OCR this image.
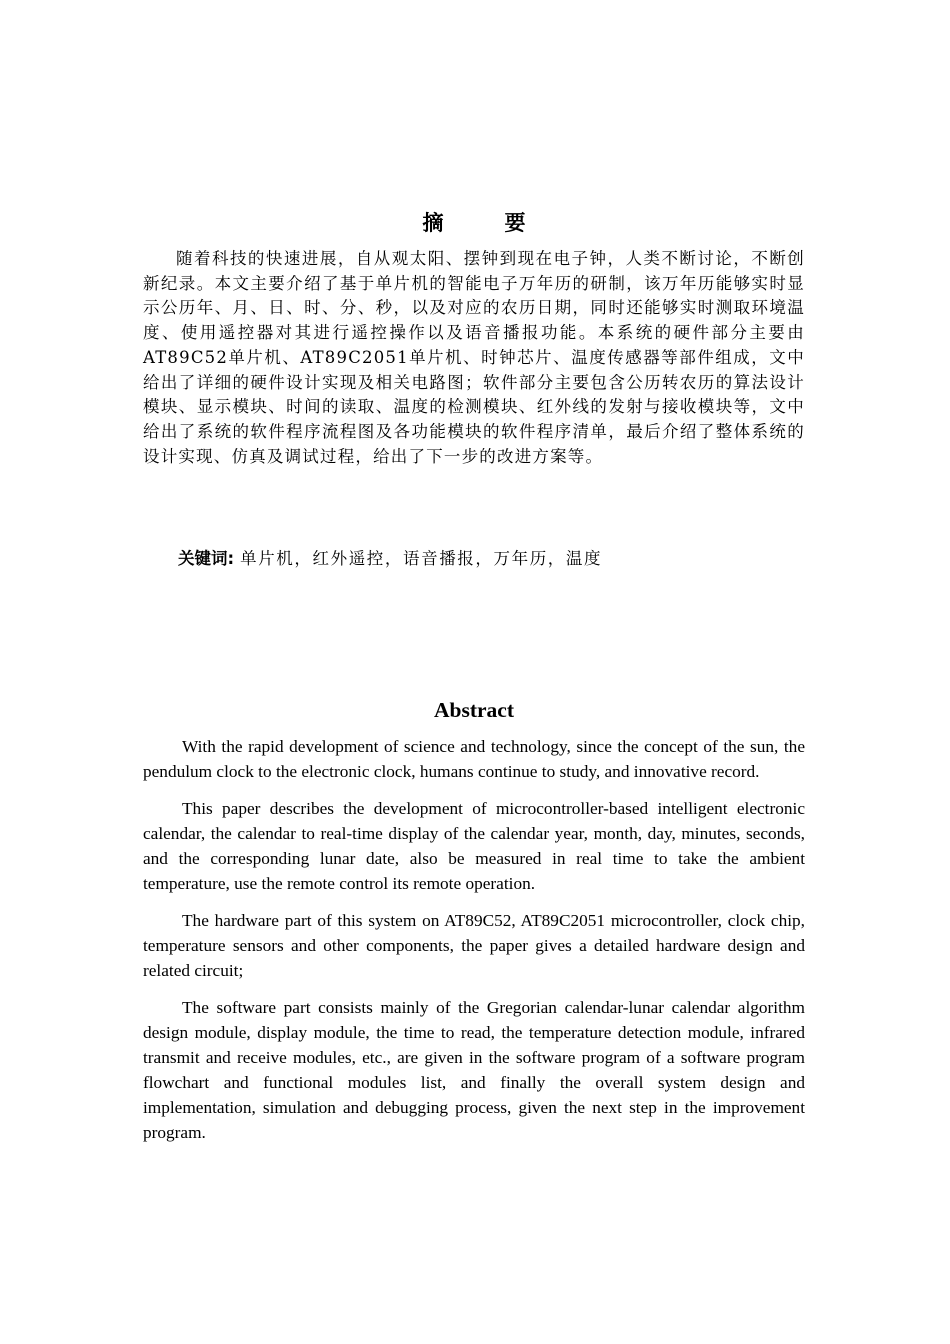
摘　要

随着科技的快速进展，自从观太阳、摆钟到现在电子钟，人类不断讨论，不断创新纪录。本文主要介绍了基于单片机的智能电子万年历的研制，该万年历能够实时显示公历年、月、日、时、分、秒，以及对应的农历日期，同时还能够实时测取环境温度、使用遥控器对其进行遥控操作以及语音播报功能。本系统的硬件部分主要由AT89C52单片机、AT89C2051单片机、时钟芯片、温度传感器等部件组成，文中给出了详细的硬件设计实现及相关电路图；软件部分主要包含公历转农历的算法设计模块、显示模块、时间的读取、温度的检测模块、红外线的发射与接收模块等，文中给出了系统的软件程序流程图及各功能模块的软件程序清单，最后介绍了整体系统的设计实现、仿真及调试过程，给出了下一步的改进方案等。

关键词: 单片机，红外遥控，语音播报，万年历，温度
Abstract

With the rapid development of science and technology, since the concept of the sun, the pendulum clock to the electronic clock, humans continue to study, and innovative record.

This paper describes the development of microcontroller-based intelligent electronic calendar, the calendar to real-time display of the calendar year, month, day, minutes, seconds, and the corresponding lunar date, also be measured in real time to take the ambient temperature, use the remote control its remote operation.

The hardware part of this system on AT89C52, AT89C2051 microcontroller, clock chip, temperature sensors and other components, the paper gives a detailed hardware design and related circuit;

The software part consists mainly of the Gregorian calendar-lunar calendar algorithm design module, display module, the time to read, the temperature detection module, infrared transmit and receive modules, etc., are given in the software program of a software program flowchart and functional modules list, and finally the overall system design and implementation, simulation and debugging process, given the next step in the improvement program.
